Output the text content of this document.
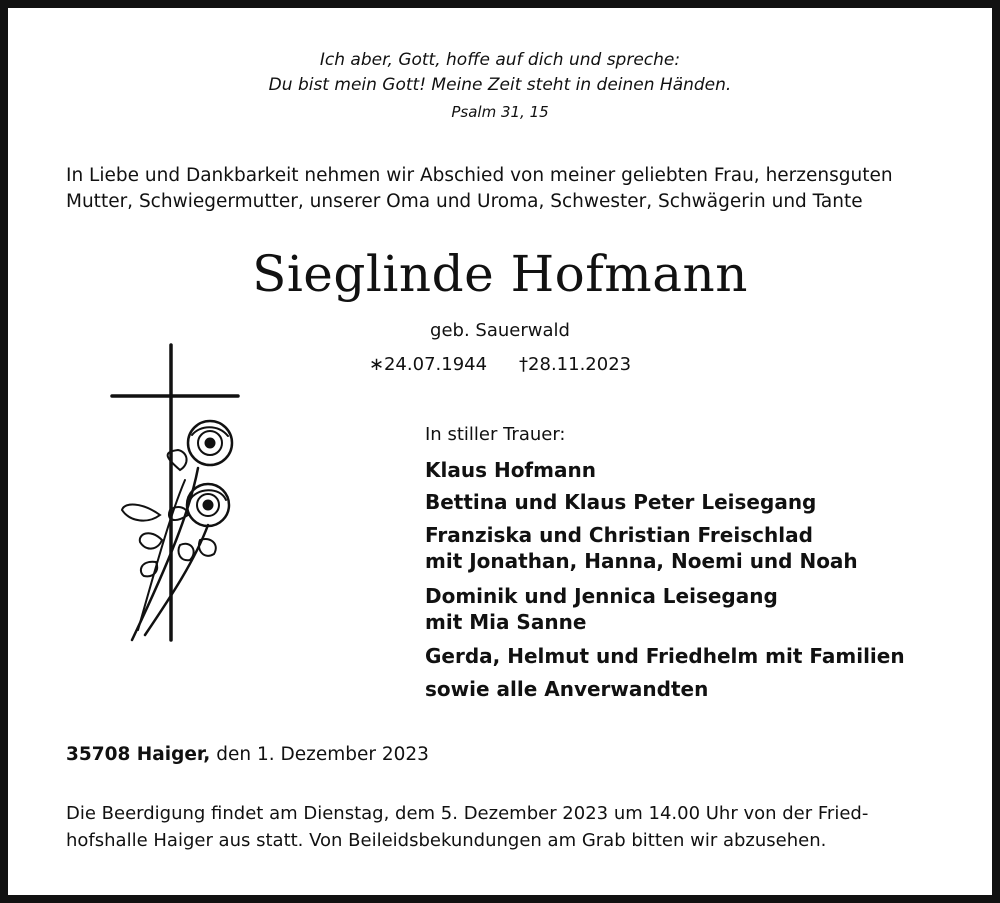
Ich aber, Gott, hoffe auf dich und spreche:
Du bist mein Gott! Meine Zeit steht in deinen Händen.
Psalm 31, 15
In Liebe und Dankbarkeit nehmen wir Abschied von meiner geliebten Frau, herzensguten
Mutter, Schwiegermutter, unserer Oma und Uroma, Schwester, Schwägerin und Tante
Sieglinde Hofmann
geb. Sauerwald
∗24.07.1944 †28.11.2023
In stiller Trauer:
Klaus Hofmann
Bettina und Klaus Peter Leisegang
Franziska und Christian Freischlad
mit Jonathan, Hanna, Noemi und Noah
Dominik und Jennica Leisegang
mit Mia Sanne
Gerda, Helmut und Friedhelm mit Familien
sowie alle Anverwandten
35708 Haiger, den 1. Dezember 2023
Die Beerdigung findet am Dienstag, dem 5. Dezember 2023 um 14.00 Uhr von der Fried-
hofshalle Haiger aus statt. Von Beileidsbekundungen am Grab bitten wir abzusehen.
